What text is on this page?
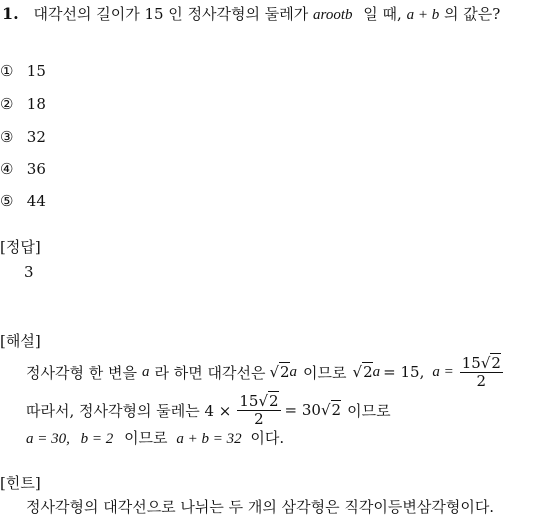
1. 대각선의 길이가 15 인 정사각형의 둘레가 arootb 일 때, a + b 의 값은?
① 15
② 18
③ 32
④ 36
⑤ 44
[정답]
3
[해설]
정사각형 한 변을 a 라 하면 대각선은 √2 a 이므로 √2 a = 15, $a = \frac{15√2}{2}$
따라서, 정사각형의 둘레는 $4 \times \frac{15√2}{2} = 30$ √2 이므로
a = 30, b = 2 이므로 a + b = 32 이다.
[힌트]
정사각형의 대각선으로 나뉘는 두 개의 삼각형은 직각이등변삼각형이다.
